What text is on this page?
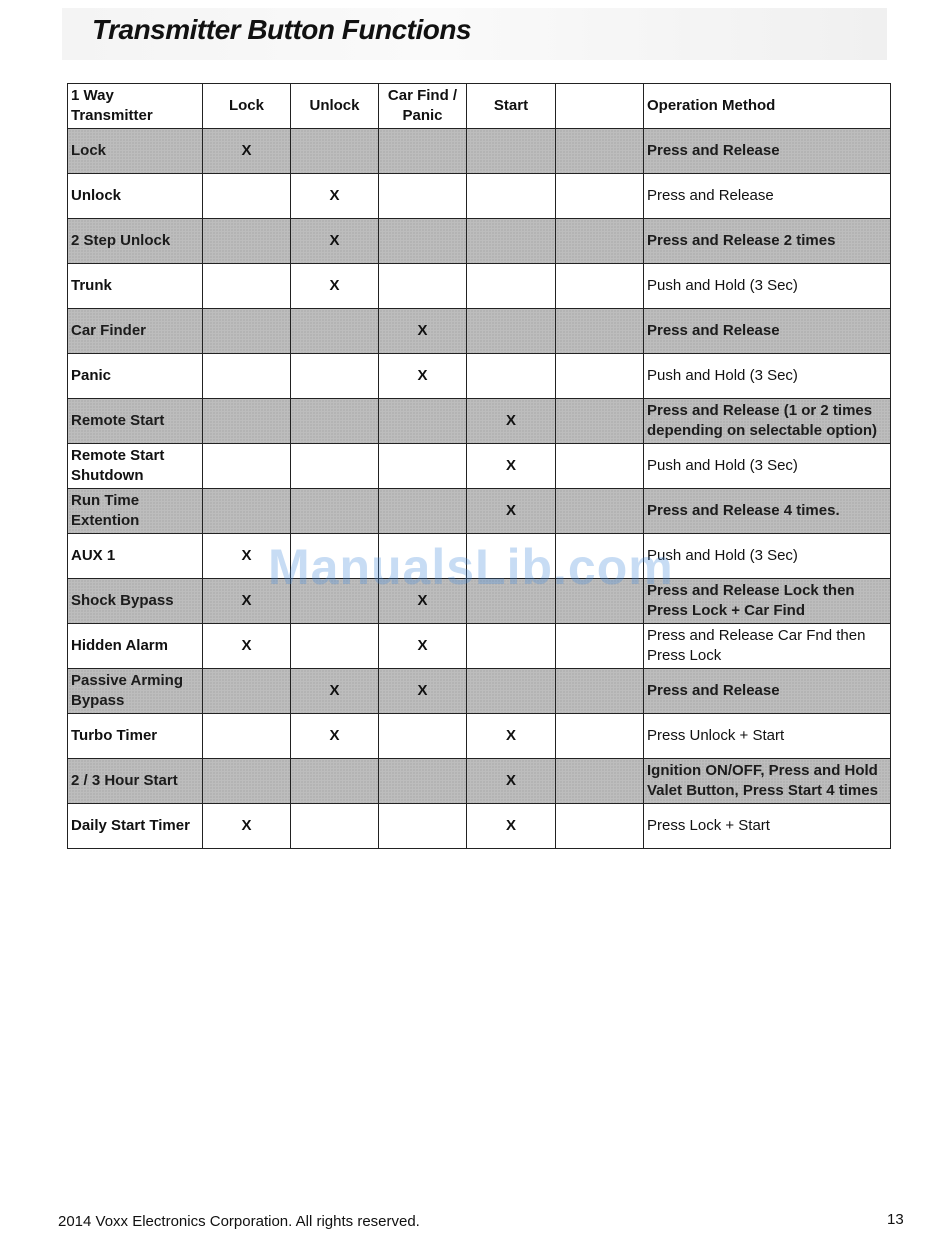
Transmitter Button Functions
1 Way Transmitter	Lock	Unlock	Car Find / Panic	Start		Operation Method
Lock	X					Press and Release
Unlock		X				Press and Release
2 Step Unlock		X				Press and Release 2 times
Trunk		X				Push and Hold (3 Sec)
Car Finder			X			Press and Release
Panic			X			Push and Hold (3 Sec)
Remote Start				X		Press and Release (1 or 2 times depending on selectable option)
Remote Start Shutdown				X		Push and Hold (3 Sec)
Run Time Extention				X		Press and Release 4 times.
AUX 1	X					Push and Hold (3 Sec)
Shock Bypass	X		X			Press and Release Lock then Press Lock + Car Find
Hidden Alarm	X		X			Press and Release Car Fnd then Press Lock
Passive Arming Bypass		X	X			Press and Release
Turbo Timer		X		X		Press Unlock + Start
2 / 3 Hour Start				X		Ignition ON/OFF, Press and Hold Valet Button, Press Start 4 times
Daily Start Timer	X			X		Press Lock + Start
ManualsLib.com
2014 Voxx Electronics Corporation. All rights reserved.	13
